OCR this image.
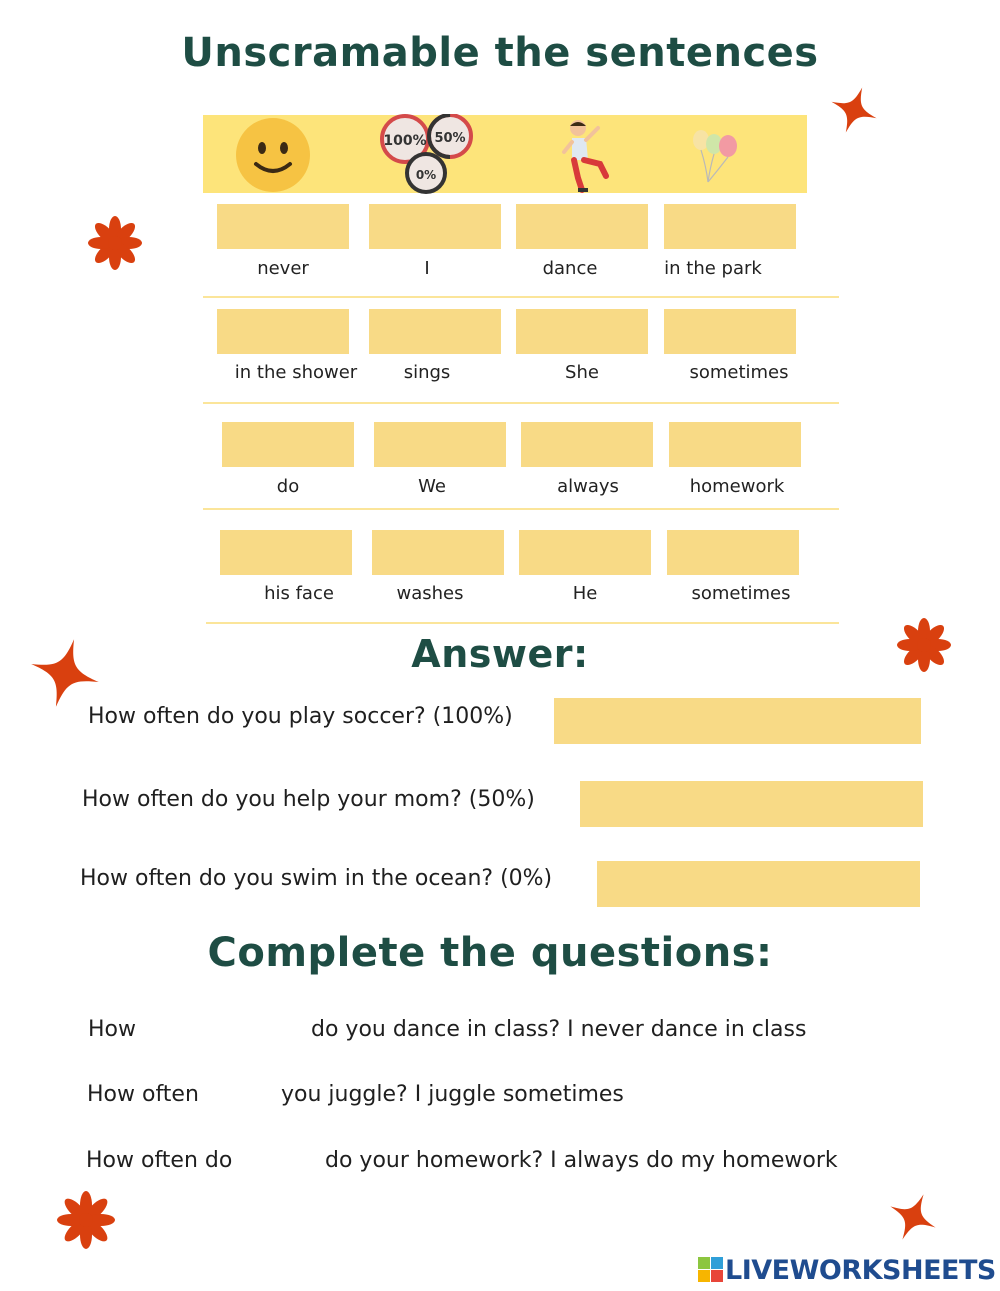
Unscramable the sentences
100% 50%
0%
never	I	dance	in the park
in the shower	sings	She	sometimes
do	We	always	homework
his face	washes	He	sometimes
Answer:
How often do you play soccer? (100%)
How often do you help your mom? (50%)
How often do you swim in the ocean? (0%)
Complete the questions:
How	do you dance in class? I never dance in class
How often	you juggle? I juggle sometimes
How often do	do your homework? I always do my homework
LIVEWORKSHEETS
